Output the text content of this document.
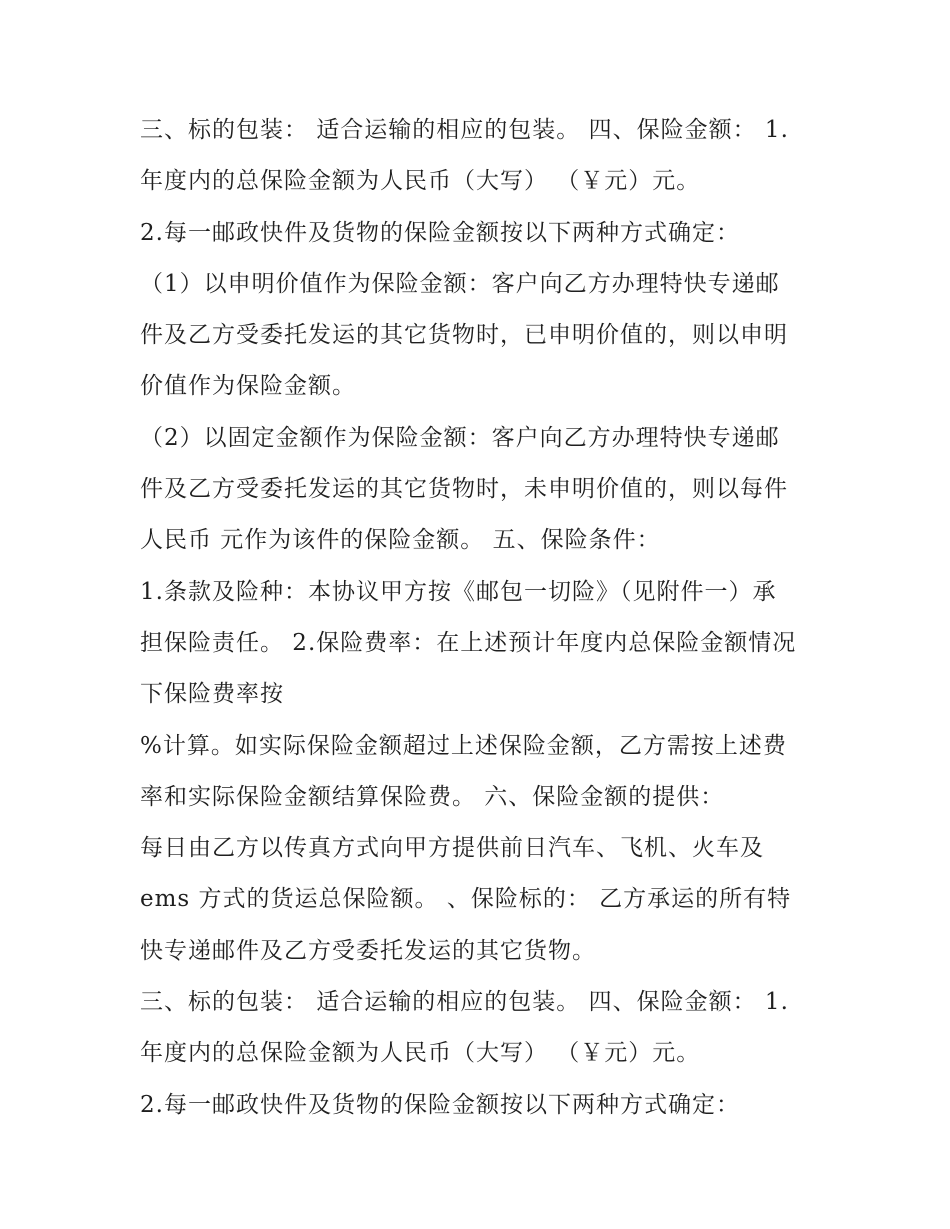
三、标的包装： 适合运输的相应的包装。 四、保险金额： 1.
年度内的总保险金额为人民币（大写） （￥元）元。
2.每一邮政快件及货物的保险金额按以下两种方式确定：
（1）以申明价值作为保险金额：客户向乙方办理特快专递邮
件及乙方受委托发运的其它货物时，已申明价值的，则以申明
价值作为保险金额。
（2）以固定金额作为保险金额：客户向乙方办理特快专递邮
件及乙方受委托发运的其它货物时，未申明价值的，则以每件
人民币 元作为该件的保险金额。 五、保险条件：
1.条款及险种：本协议甲方按《邮包一切险》（见附件一）承
担保险责任。 2.保险费率：在上述预计年度内总保险金额情况
下保险费率按
%计算。如实际保险金额超过上述保险金额，乙方需按上述费
率和实际保险金额结算保险费。 六、保险金额的提供：
每日由乙方以传真方式向甲方提供前日汽车、飞机、火车及
ems 方式的货运总保险额。 、保险标的： 乙方承运的所有特
快专递邮件及乙方受委托发运的其它货物。
三、标的包装： 适合运输的相应的包装。 四、保险金额： 1.
年度内的总保险金额为人民币（大写） （￥元）元。
2.每一邮政快件及货物的保险金额按以下两种方式确定：
